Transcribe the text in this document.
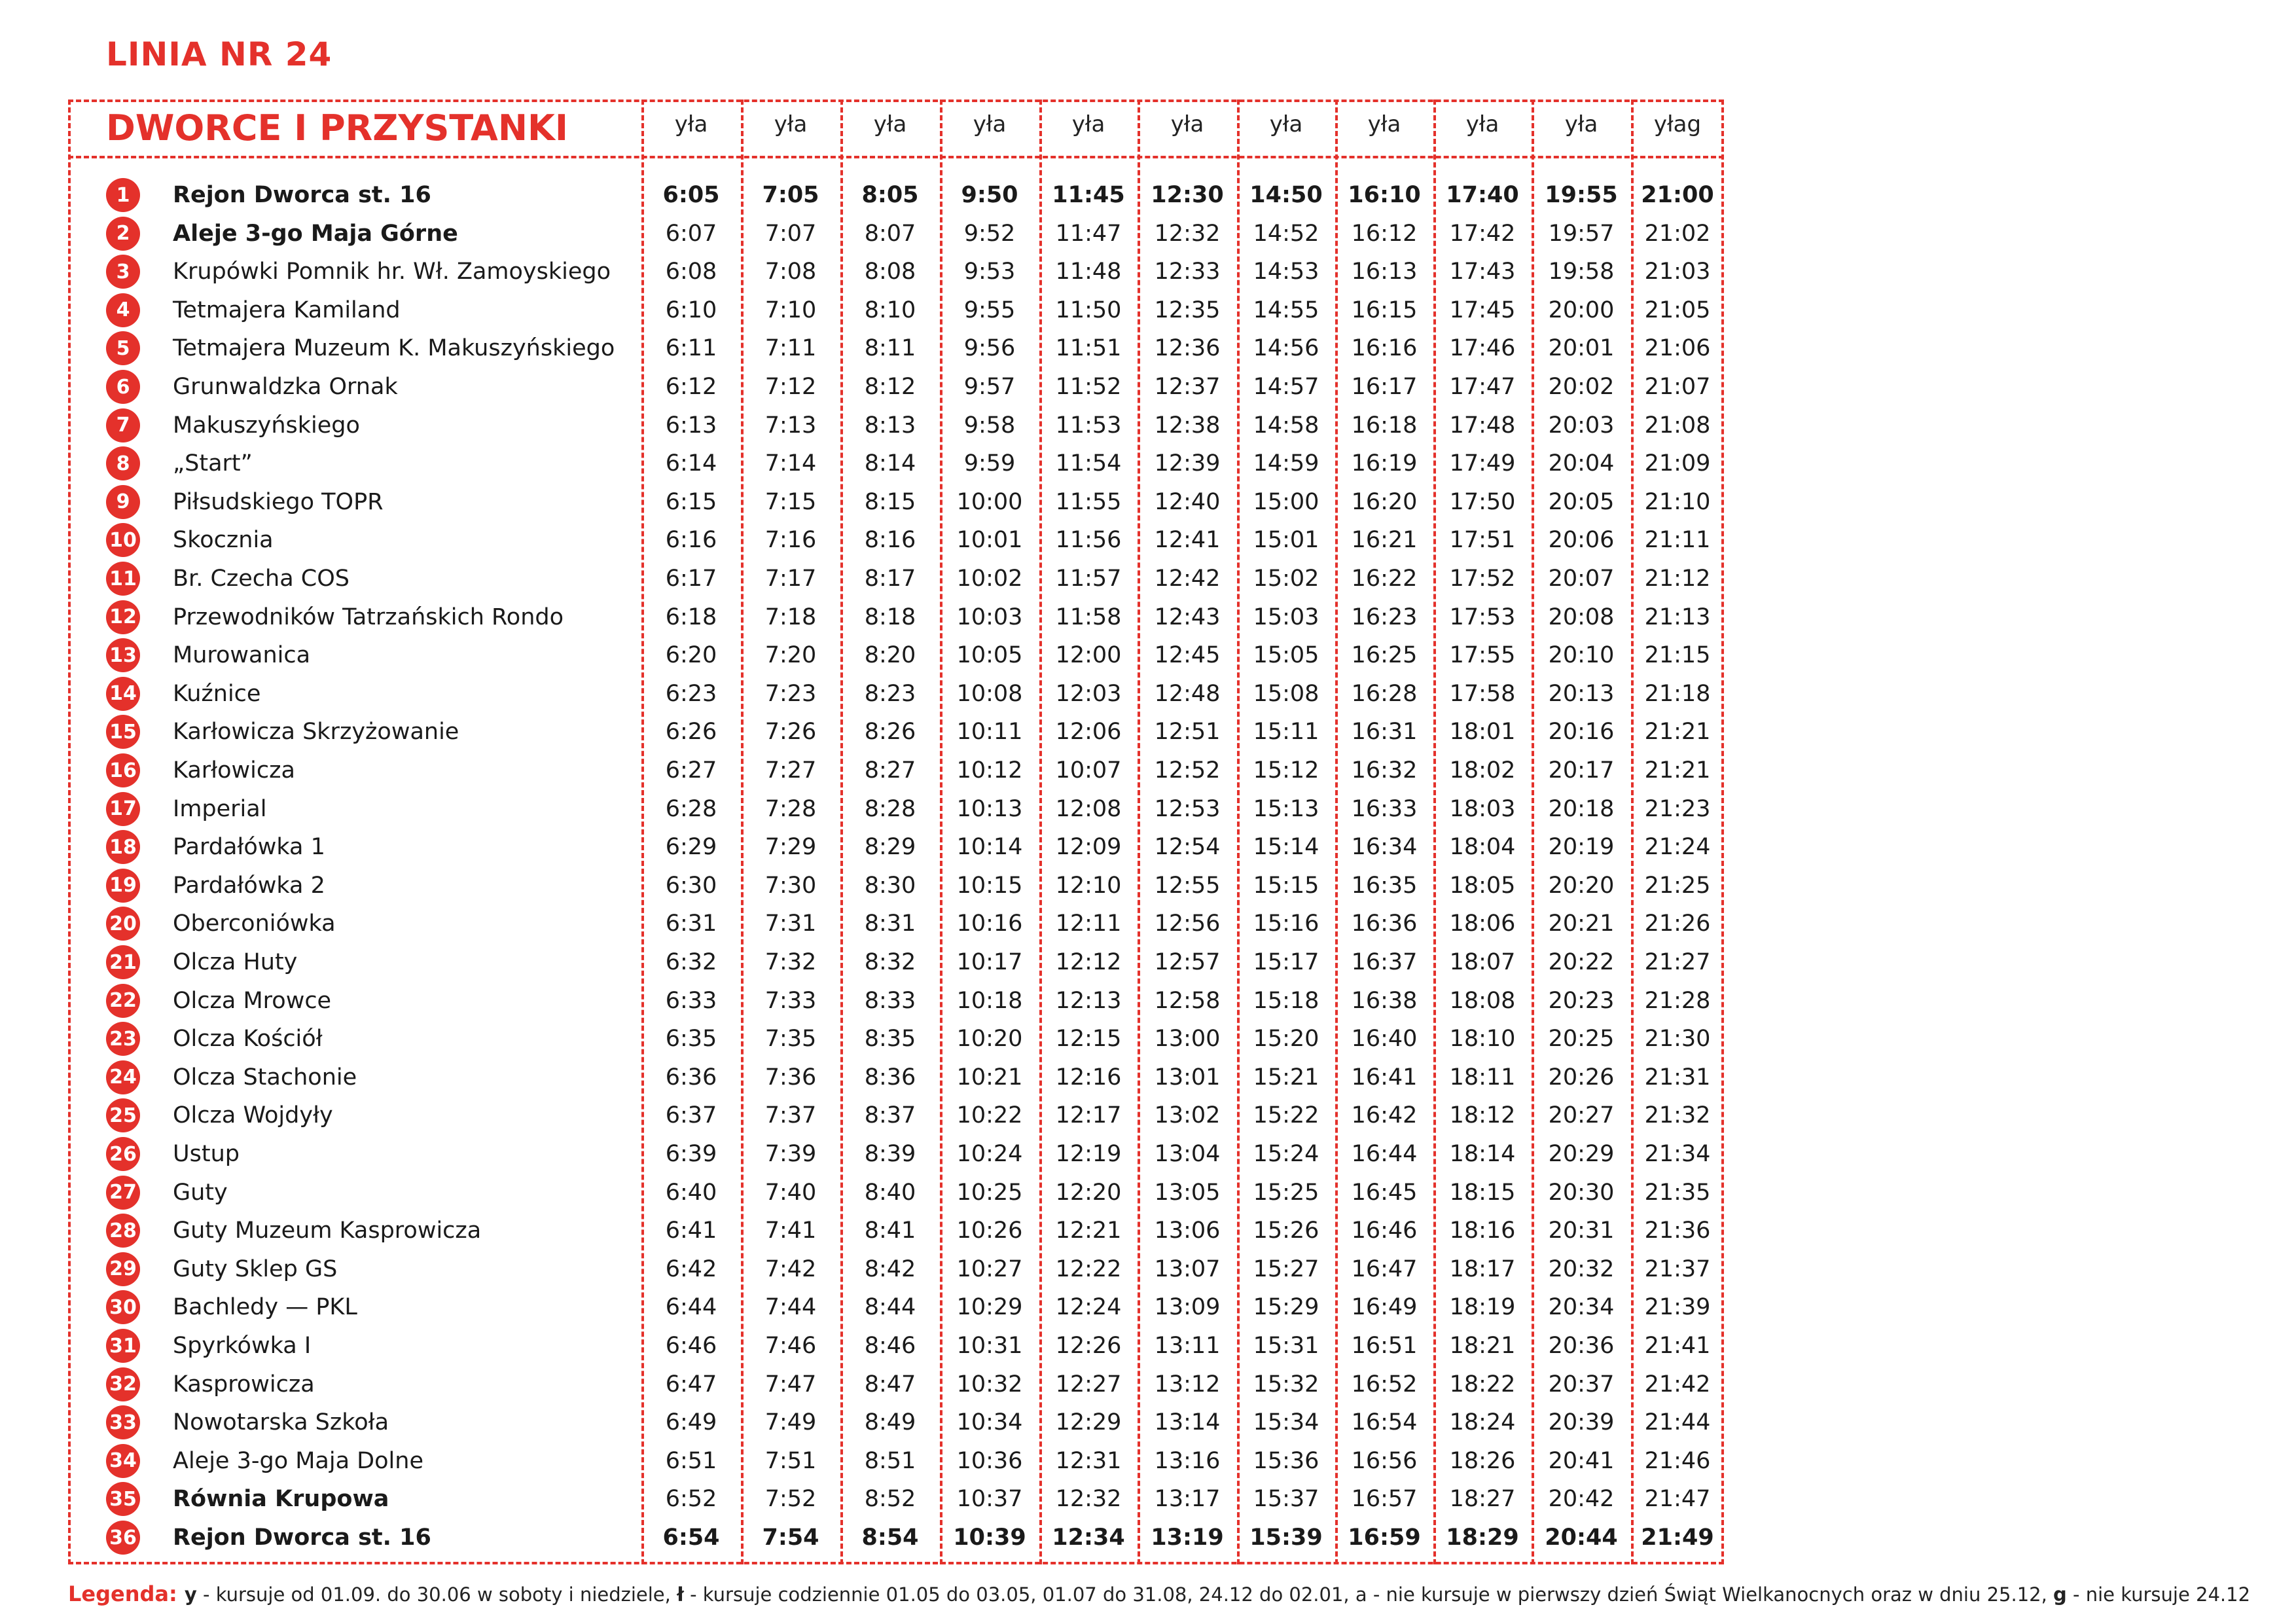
LINIA NR 24
DWORCE I PRZYSTANKI	yła	yła	yła	yła	yła	yła	yła	yła	yła	yła	yłag
1	Rejon Dworca st. 16	6:05	7:05	8:05	9:50	11:45	12:30	14:50	16:10	17:40	19:55	21:00
2	Aleje 3-go Maja Górne	6:07	7:07	8:07	9:52	11:47	12:32	14:52	16:12	17:42	19:57	21:02
3	Krupówki Pomnik hr. Wł. Zamoyskiego	6:08	7:08	8:08	9:53	11:48	12:33	14:53	16:13	17:43	19:58	21:03
4	Tetmajera Kamiland	6:10	7:10	8:10	9:55	11:50	12:35	14:55	16:15	17:45	20:00	21:05
5	Tetmajera Muzeum K. Makuszyńskiego	6:11	7:11	8:11	9:56	11:51	12:36	14:56	16:16	17:46	20:01	21:06
6	Grunwaldzka Ornak	6:12	7:12	8:12	9:57	11:52	12:37	14:57	16:17	17:47	20:02	21:07
7	Makuszyńskiego	6:13	7:13	8:13	9:58	11:53	12:38	14:58	16:18	17:48	20:03	21:08
8	„Start”	6:14	7:14	8:14	9:59	11:54	12:39	14:59	16:19	17:49	20:04	21:09
9	Piłsudskiego TOPR	6:15	7:15	8:15	10:00	11:55	12:40	15:00	16:20	17:50	20:05	21:10
10 Skocznia	6:16	7:16	8:16	10:01	11:56	12:41	15:01	16:21	17:51	20:06	21:11
11 Br. Czecha COS	6:17	7:17	8:17	10:02	11:57	12:42	15:02	16:22	17:52	20:07	21:12
12 Przewodników Tatrzańskich Rondo	6:18	7:18	8:18	10:03	11:58	12:43	15:03	16:23	17:53	20:08	21:13
13 Murowanica	6:20	7:20	8:20	10:05	12:00	12:45	15:05	16:25	17:55	20:10	21:15
14 Kuźnice	6:23	7:23	8:23	10:08	12:03	12:48	15:08	16:28	17:58	20:13	21:18
15 Karłowicza Skrzyżowanie	6:26	7:26	8:26	10:11	12:06	12:51	15:11	16:31	18:01	20:16	21:21
16 Karłowicza	6:27	7:27	8:27	10:12	10:07	12:52	15:12	16:32	18:02	20:17	21:21
17 Imperial	6:28	7:28	8:28	10:13	12:08	12:53	15:13	16:33	18:03	20:18	21:23
18 Pardałówka 1	6:29	7:29	8:29	10:14	12:09	12:54	15:14	16:34	18:04	20:19	21:24
19 Pardałówka 2	6:30	7:30	8:30	10:15	12:10	12:55	15:15	16:35	18:05	20:20	21:25
20 Oberconiówka	6:31	7:31	8:31	10:16	12:11	12:56	15:16	16:36	18:06	20:21	21:26
21 Olcza Huty	6:32	7:32	8:32	10:17	12:12	12:57	15:17	16:37	18:07	20:22	21:27
22 Olcza Mrowce	6:33	7:33	8:33	10:18	12:13	12:58	15:18	16:38	18:08	20:23	21:28
23 Olcza Kościół	6:35	7:35	8:35	10:20	12:15	13:00	15:20	16:40	18:10	20:25	21:30
24 Olcza Stachonie	6:36	7:36	8:36	10:21	12:16	13:01	15:21	16:41	18:11	20:26	21:31
25 Olcza Wojdyły	6:37	7:37	8:37	10:22	12:17	13:02	15:22	16:42	18:12	20:27	21:32
26 Ustup	6:39	7:39	8:39	10:24	12:19	13:04	15:24	16:44	18:14	20:29	21:34
27 Guty	6:40	7:40	8:40	10:25	12:20	13:05	15:25	16:45	18:15	20:30	21:35
28 Guty Muzeum Kasprowicza	6:41	7:41	8:41	10:26	12:21	13:06	15:26	16:46	18:16	20:31	21:36
29 Guty Sklep GS	6:42	7:42	8:42	10:27	12:22	13:07	15:27	16:47	18:17	20:32	21:37
30 Bachledy — PKL	6:44	7:44	8:44	10:29	12:24	13:09	15:29	16:49	18:19	20:34	21:39
31 Spyrkówka I	6:46	7:46	8:46	10:31	12:26	13:11	15:31	16:51	18:21	20:36	21:41
32 Kasprowicza	6:47	7:47	8:47	10:32	12:27	13:12	15:32	16:52	18:22	20:37	21:42
33 Nowotarska Szkoła	6:49	7:49	8:49	10:34	12:29	13:14	15:34	16:54	18:24	20:39	21:44
34 Aleje 3-go Maja Dolne	6:51	7:51	8:51	10:36	12:31	13:16	15:36	16:56	18:26	20:41	21:46
35 Równia Krupowa	6:52	7:52	8:52	10:37	12:32	13:17	15:37	16:57	18:27	20:42	21:47
36 Rejon Dworca st. 16	6:54	7:54	8:54	10:39	12:34	13:19	15:39	16:59	18:29	20:44	21:49
Legenda: y - kursuje od 01.09. do 30.06 w soboty i niedziele, ł - kursuje codziennie 01.05 do 03.05, 01.07 do 31.08, 24.12 do 02.01, a - nie kursuje w pierwszy dzień Świąt Wielkanocnych oraz w dniu 25.12, g - nie kursuje 24.12
